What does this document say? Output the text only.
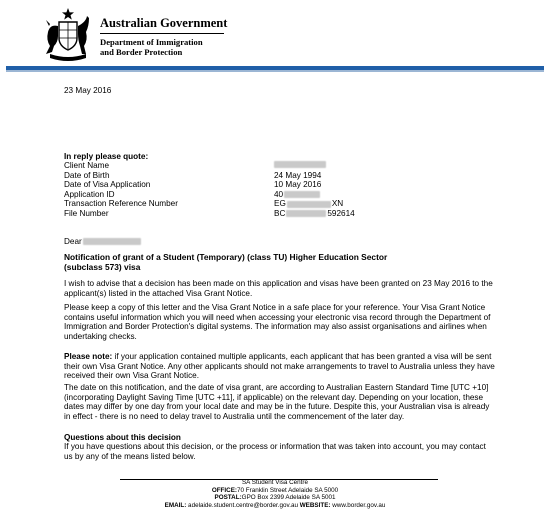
Australian Government
Department of Immigration
and Border Protection
23 May 2016
In reply please quote:
Client Name
Date of Birth	24 May 1994
Date of Visa Application	10 May 2016
Application ID	40
Transaction Reference Number	EG	XN
File Number	BC	592614
Dear
Notification of grant of a Student (Temporary) (class TU) Higher Education Sector
(subclass 573) visa
I wish to advise that a decision has been made on this application and visas have been granted on 23 May 2016 to the applicant(s) listed in the attached Visa Grant Notice.
Please keep a copy of this letter and the Visa Grant Notice in a safe place for your reference. Your Visa Grant Notice contains useful information which you will need when accessing your electronic visa record through the Department of Immigration and Border Protection's digital systems. The information may also assist organisations and airlines when undertaking checks.
Please note: if your application contained multiple applicants, each applicant that has been granted a visa will be sent their own Visa Grant Notice. Any other applicants should not make arrangements to travel to Australia unless they have received their own Visa Grant Notice.
The date on this notification, and the date of visa grant, are according to Australian Eastern Standard Time [UTC +10] (incorporating Daylight Saving Time [UTC +11], if applicable) on the relevant day. Depending on your location, these dates may differ by one day from your local date and may be in the future. Despite this, your Australian visa is already in effect - there is no need to delay travel to Australia until the commencement of the later day.
Questions about this decision
If you have questions about this decision, or the process or information that was taken into account, you may contact us by any of the means listed below.
SA Student Visa Centre
OFFICE:70 Franklin Street Adelaide SA 5000
POSTAL:GPO Box 2399 Adelaide SA 5001
EMAIL: adelaide.student.centre@border.gov.au WEBSITE: www.border.gov.au
